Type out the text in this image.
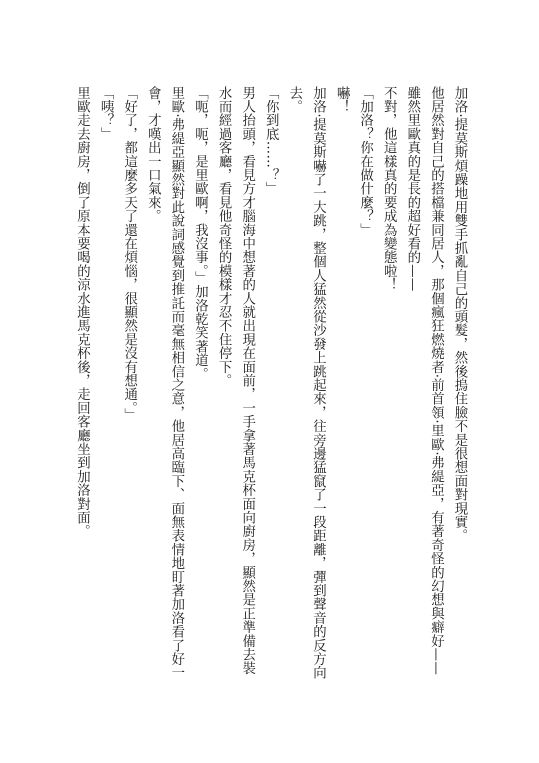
加洛‧提莫斯煩躁地用雙手抓亂自己的頭髮，然後摀住臉不是很想面對現實。

他居然對自己的搭檔兼同居人，那個瘋狂燃燒者‧前首領‧里歐‧弗緹亞，有著奇怪的幻想與癖好——

雖然里歐真的是長的超好看的——

不對，他這樣真的要成為變態啦！

「加洛？你在做什麼？」

嚇！

加洛‧提莫斯嚇了一大跳，整個人猛然從沙發上跳起來，往旁邊猛竄了一段距離，彈到聲音的反方向去。

「你到底……？」

男人抬頭，看見方才腦海中想著的人就出現在面前，一手拿著馬克杯面向廚房，顯然是正準備去裝水而經過客廳，看見他奇怪的模樣才忍不住停下。

「呃，呃，是里歐啊，我沒事。」加洛乾笑著道。

里歐‧弗緹亞顯然對此說詞感覺到推託而毫無相信之意，他居高臨下、面無表情地盯著加洛看了好一會，才嘆出一口氣來。

「好了，都這麼多天了還在煩惱，很顯然是沒有想通。」

「咦？」

里歐走去廚房，倒了原本要喝的涼水進馬克杯後，走回客廳坐到加洛對面。
